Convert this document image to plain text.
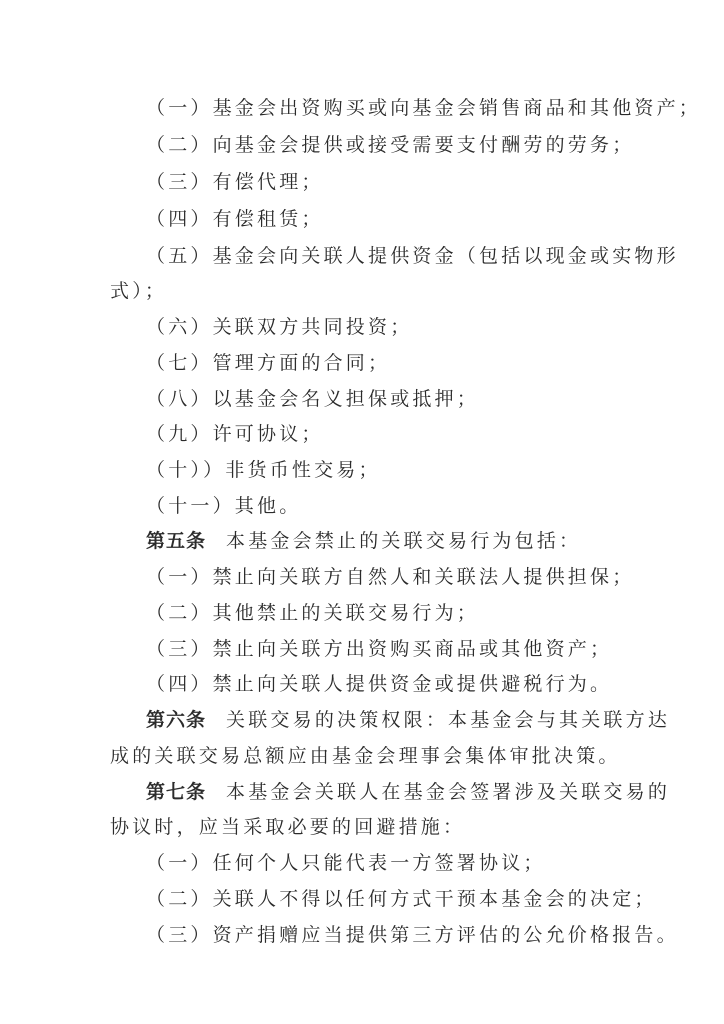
（一）基金会出资购买或向基金会销售商品和其他资产；
（二）向基金会提供或接受需要支付酬劳的劳务；
（三）有偿代理；
（四）有偿租赁；
（五）基金会向关联人提供资金（包括以现金或实物形
式）；
（六）关联双方共同投资；
（七）管理方面的合同；
（八）以基金会名义担保或抵押；
（九）许可协议；
（十））非货币性交易；
（十一）其他。
第五条 本基金会禁止的关联交易行为包括：
（一）禁止向关联方自然人和关联法人提供担保；
（二）其他禁止的关联交易行为；
（三）禁止向关联方出资购买商品或其他资产；
（四）禁止向关联人提供资金或提供避税行为。
第六条 关联交易的决策权限：本基金会与其关联方达
成的关联交易总额应由基金会理事会集体审批决策。
第七条 本基金会关联人在基金会签署涉及关联交易的
协议时，应当采取必要的回避措施：
（一）任何个人只能代表一方签署协议；
（二）关联人不得以任何方式干预本基金会的决定；
（三）资产捐赠应当提供第三方评估的公允价格报告。
